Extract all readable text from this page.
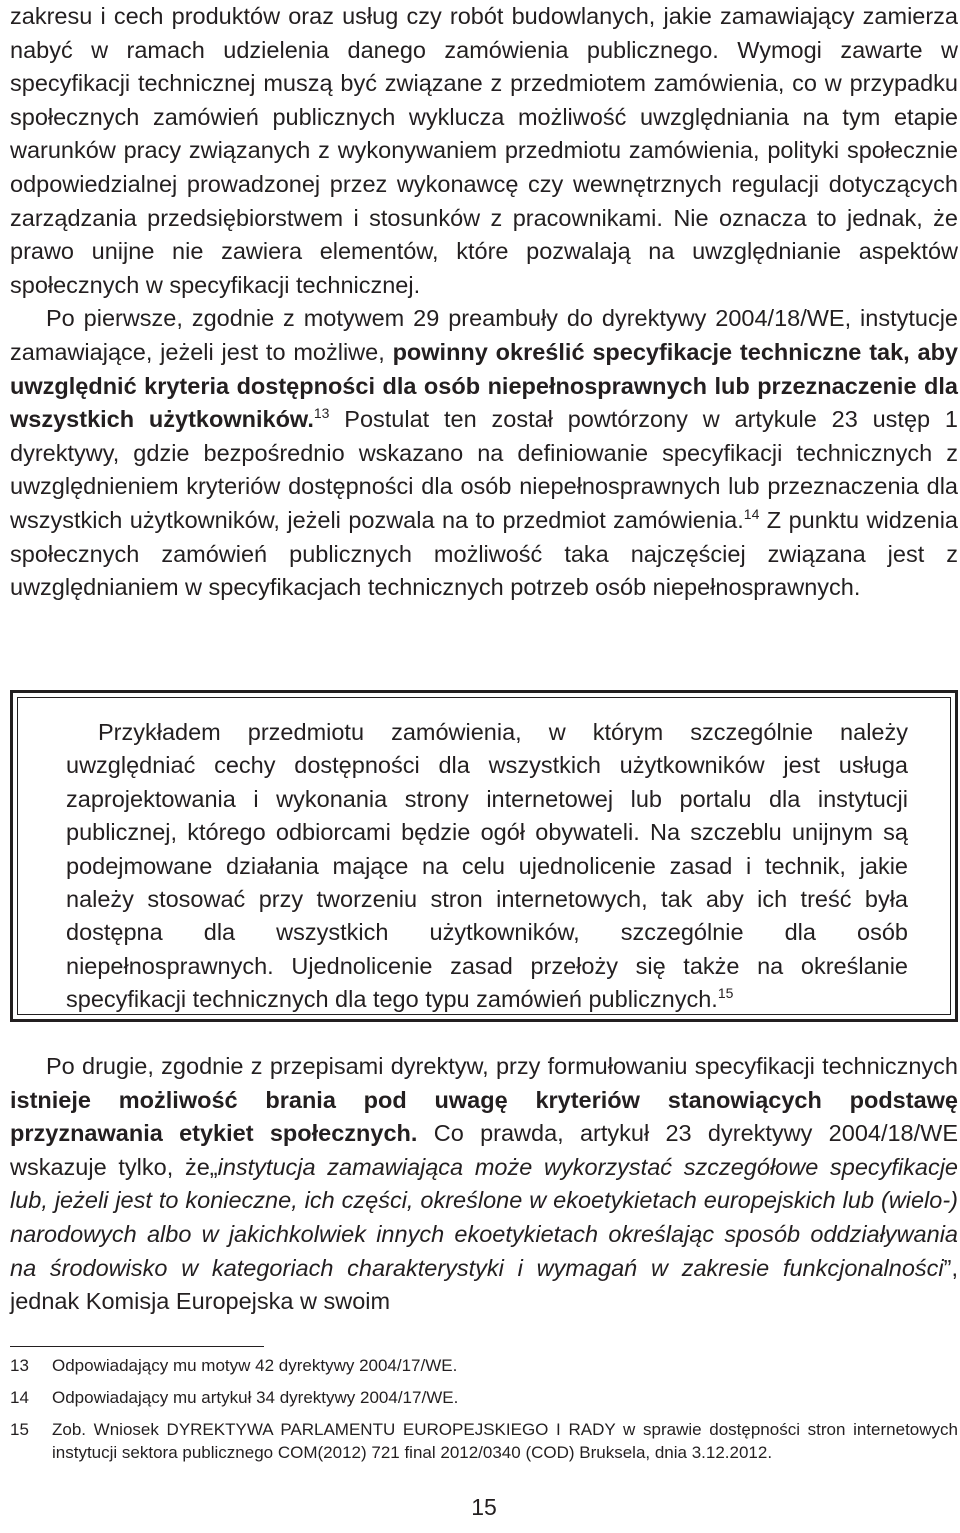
zakresu i cech produktów oraz usług czy robót budowlanych, jakie zamawiający zamierza nabyć w ramach udzielenia danego zamówienia publicznego. Wymogi zawarte w specyfikacji technicznej muszą być związane z przedmiotem zamówienia, co w przypadku społecznych zamówień publicznych wyklucza możliwość uwzględniania na tym etapie warunków pracy związanych z wykonywaniem przedmiotu zamówienia, polityki społecznie odpowiedzialnej prowadzonej przez wykonawcę czy wewnętrznych regulacji dotyczących zarządzania przedsiębiorstwem i stosunków z pracownikami. Nie oznacza to jednak, że prawo unijne nie zawiera elementów, które pozwalają na uwzględnianie aspektów społecznych w specyfikacji technicznej.

Po pierwsze, zgodnie z motywem 29 preambuły do dyrektywy 2004/18/WE, instytucje zamawiające, jeżeli jest to możliwe, powinny określić specyfikacje techniczne tak, aby uwzględnić kryteria dostępności dla osób niepełnosprawnych lub przeznaczenie dla wszystkich użytkowników.$^{13}$ Postulat ten został powtórzony w artykule 23 ustęp 1 dyrektywy, gdzie bezpośrednio wskazano na definiowanie specyfikacji technicznych z uwzględnieniem kryteriów dostępności dla osób niepełnosprawnych lub przeznaczenia dla wszystkich użytkowników, jeżeli pozwala na to przedmiot zamówienia.$^{14}$ Z punktu widzenia społecznych zamówień publicznych możliwość taka najczęściej związana jest z uwzględnianiem w specyfikacjach technicznych potrzeb osób niepełnosprawnych.

Przykładem przedmiotu zamówienia, w którym szczególnie należy uwzględniać cechy dostępności dla wszystkich użytkowników jest usługa zaprojektowania i wykonania strony internetowej lub portalu dla instytucji publicznej, którego odbiorcami będzie ogół obywateli. Na szczeblu unijnym są podejmowane działania mające na celu ujednolicenie zasad i technik, jakie należy stosować przy tworzeniu stron internetowych, tak aby ich treść była dostępna dla wszystkich użytkowników, szczególnie dla osób niepełnosprawnych. Ujednolicenie zasad przełoży się także na określanie specyfikacji technicznych dla tego typu zamówień publicznych.$^{15}$

Po drugie, zgodnie z przepisami dyrektyw, przy formułowaniu specyfikacji technicznych istnieje możliwość brania pod uwagę kryteriów stanowiących podstawę przyznawania etykiet społecznych. Co prawda, artykuł 23 dyrektywy 2004/18/WE wskazuje tylko, że„instytucja zamawiająca może wykorzystać szczegółowe specyfikacje lub, jeżeli jest to konieczne, ich części, określone w ekoetykietach europejskich lub (wielo-) narodowych albo w jakichkolwiek innych ekoetykietach określając sposób oddziaływania na środowisko w kategoriach charakterystyki i wymagań w zakresie funkcjonalności”, jednak Komisja Europejska w swoim

13	Odpowiadający mu motyw 42 dyrektywy 2004/17/WE.
14	Odpowiadający mu artykuł 34 dyrektywy 2004/17/WE.
15	Zob. Wniosek DYREKTYWA PARLAMENTU EUROPEJSKIEGO I RADY w sprawie dostępności stron internetowych instytucji sektora publicznego COM(2012) 721 final 2012/0340 (COD) Bruksela, dnia 3.12.2012.
15
